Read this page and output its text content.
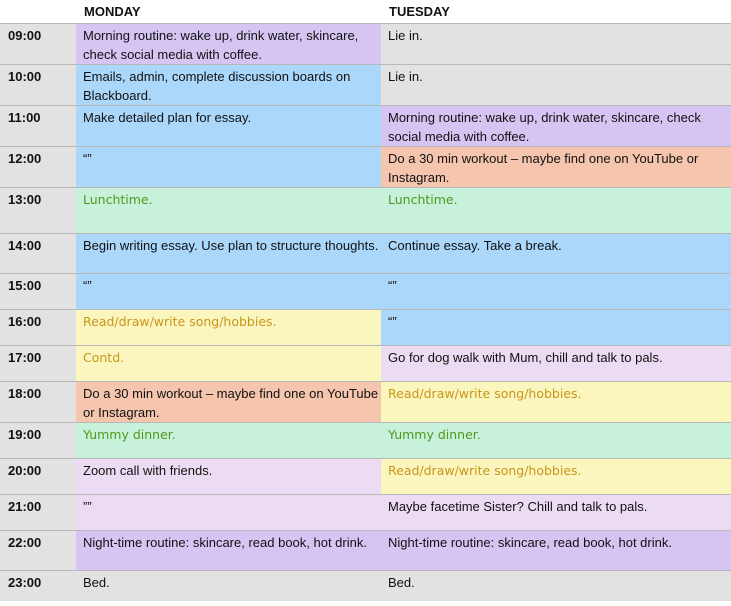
	MONDAY	TUESDAY
09:00	Morning routine: wake up, drink water, skincare, check social media with coffee.	Lie in.

10:00	Emails, admin, complete discussion boards on Blackboard.	Lie in.

11:00	Make detailed plan for essay.	Morning routine: wake up, drink water, skincare, check social media with coffee.

12:00	“”	Do a 30 min workout – maybe find one on YouTube or Instagram.

13:00	Lunchtime.	Lunchtime.

14:00	Begin writing essay. Use plan to structure thoughts.	Continue essay. Take a break.

15:00	“”	“”

16:00	Read/draw/write song/hobbies.	“”

17:00	Contd.	Go for dog walk with Mum, chill and talk to pals.

18:00	Do a 30 min workout – maybe find one on YouTube or Instagram.	Read/draw/write song/hobbies.

19:00	Yummy dinner.	Yummy dinner.

20:00	Zoom call with friends.	Read/draw/write song/hobbies.

21:00	””	Maybe facetime Sister? Chill and talk to pals.

22:00	Night-time routine: skincare, read book, hot drink.	Night-time routine: skincare, read book, hot drink.

23:00	Bed.	Bed.
